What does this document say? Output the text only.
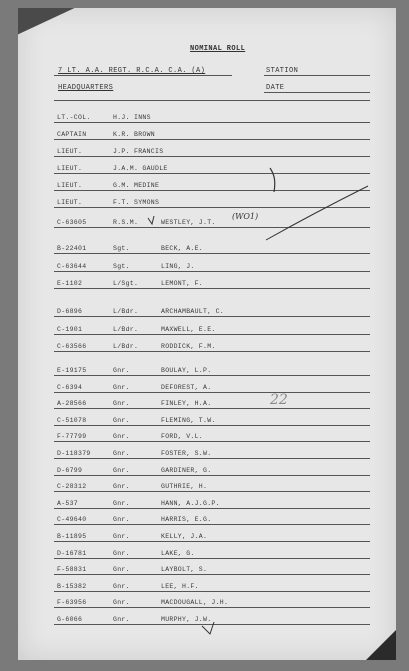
NOMINAL ROLL
7 LT. A.A. REGT. R.C.A. C.A. (A)
HEADQUARTERS
STATION
DATE
LT.-COL.	H.J. INNS
CAPTAIN	K.R. BROWN
LIEUT.	J.P. FRANCIS
LIEUT.	J.A.M. GAUDLE
LIEUT.	G.M. MEDINE
LIEUT.	F.T. SYMONS
C-63605	R.S.M.	WESTLEY, J.T.
B-22401	Sgt.	BECK, A.E.
C-63644	Sgt.	LING, J.
E-1102	L/Sgt.	LEMONT, F.
D-6896	L/Bdr.	ARCHAMBAULT, C.
C-1901	L/Bdr.	MAXWELL, E.E.
C-63566	L/Bdr.	RODDICK, F.M.
E-19175	Gnr.	BOULAY, L.P.
C-6394	Gnr.	DEFOREST, A.
A-28566	Gnr.	FINLEY, H.A.
C-51078	Gnr.	FLEMING, T.W.
F-77799	Gnr.	FORD, V.L.
D-118379	Gnr.	FOSTER, S.W.
D-6799	Gnr.	GARDINER, G.
C-28312	Gnr.	GUTHRIE, H.
A-537	Gnr.	HANN, A.J.G.P.
C-49640	Gnr.	HARRIS, E.G.
B-11895	Gnr.	KELLY, J.A.
D-16781	Gnr.	LAKE, G.
F-58831	Gnr.	LAYBOLT, S.
B-15382	Gnr.	LEE, H.F.
F-63956	Gnr.	MACDOUGALL, J.H.
G-6066	Gnr.	MURPHY, J.W.
(WO1)
22
